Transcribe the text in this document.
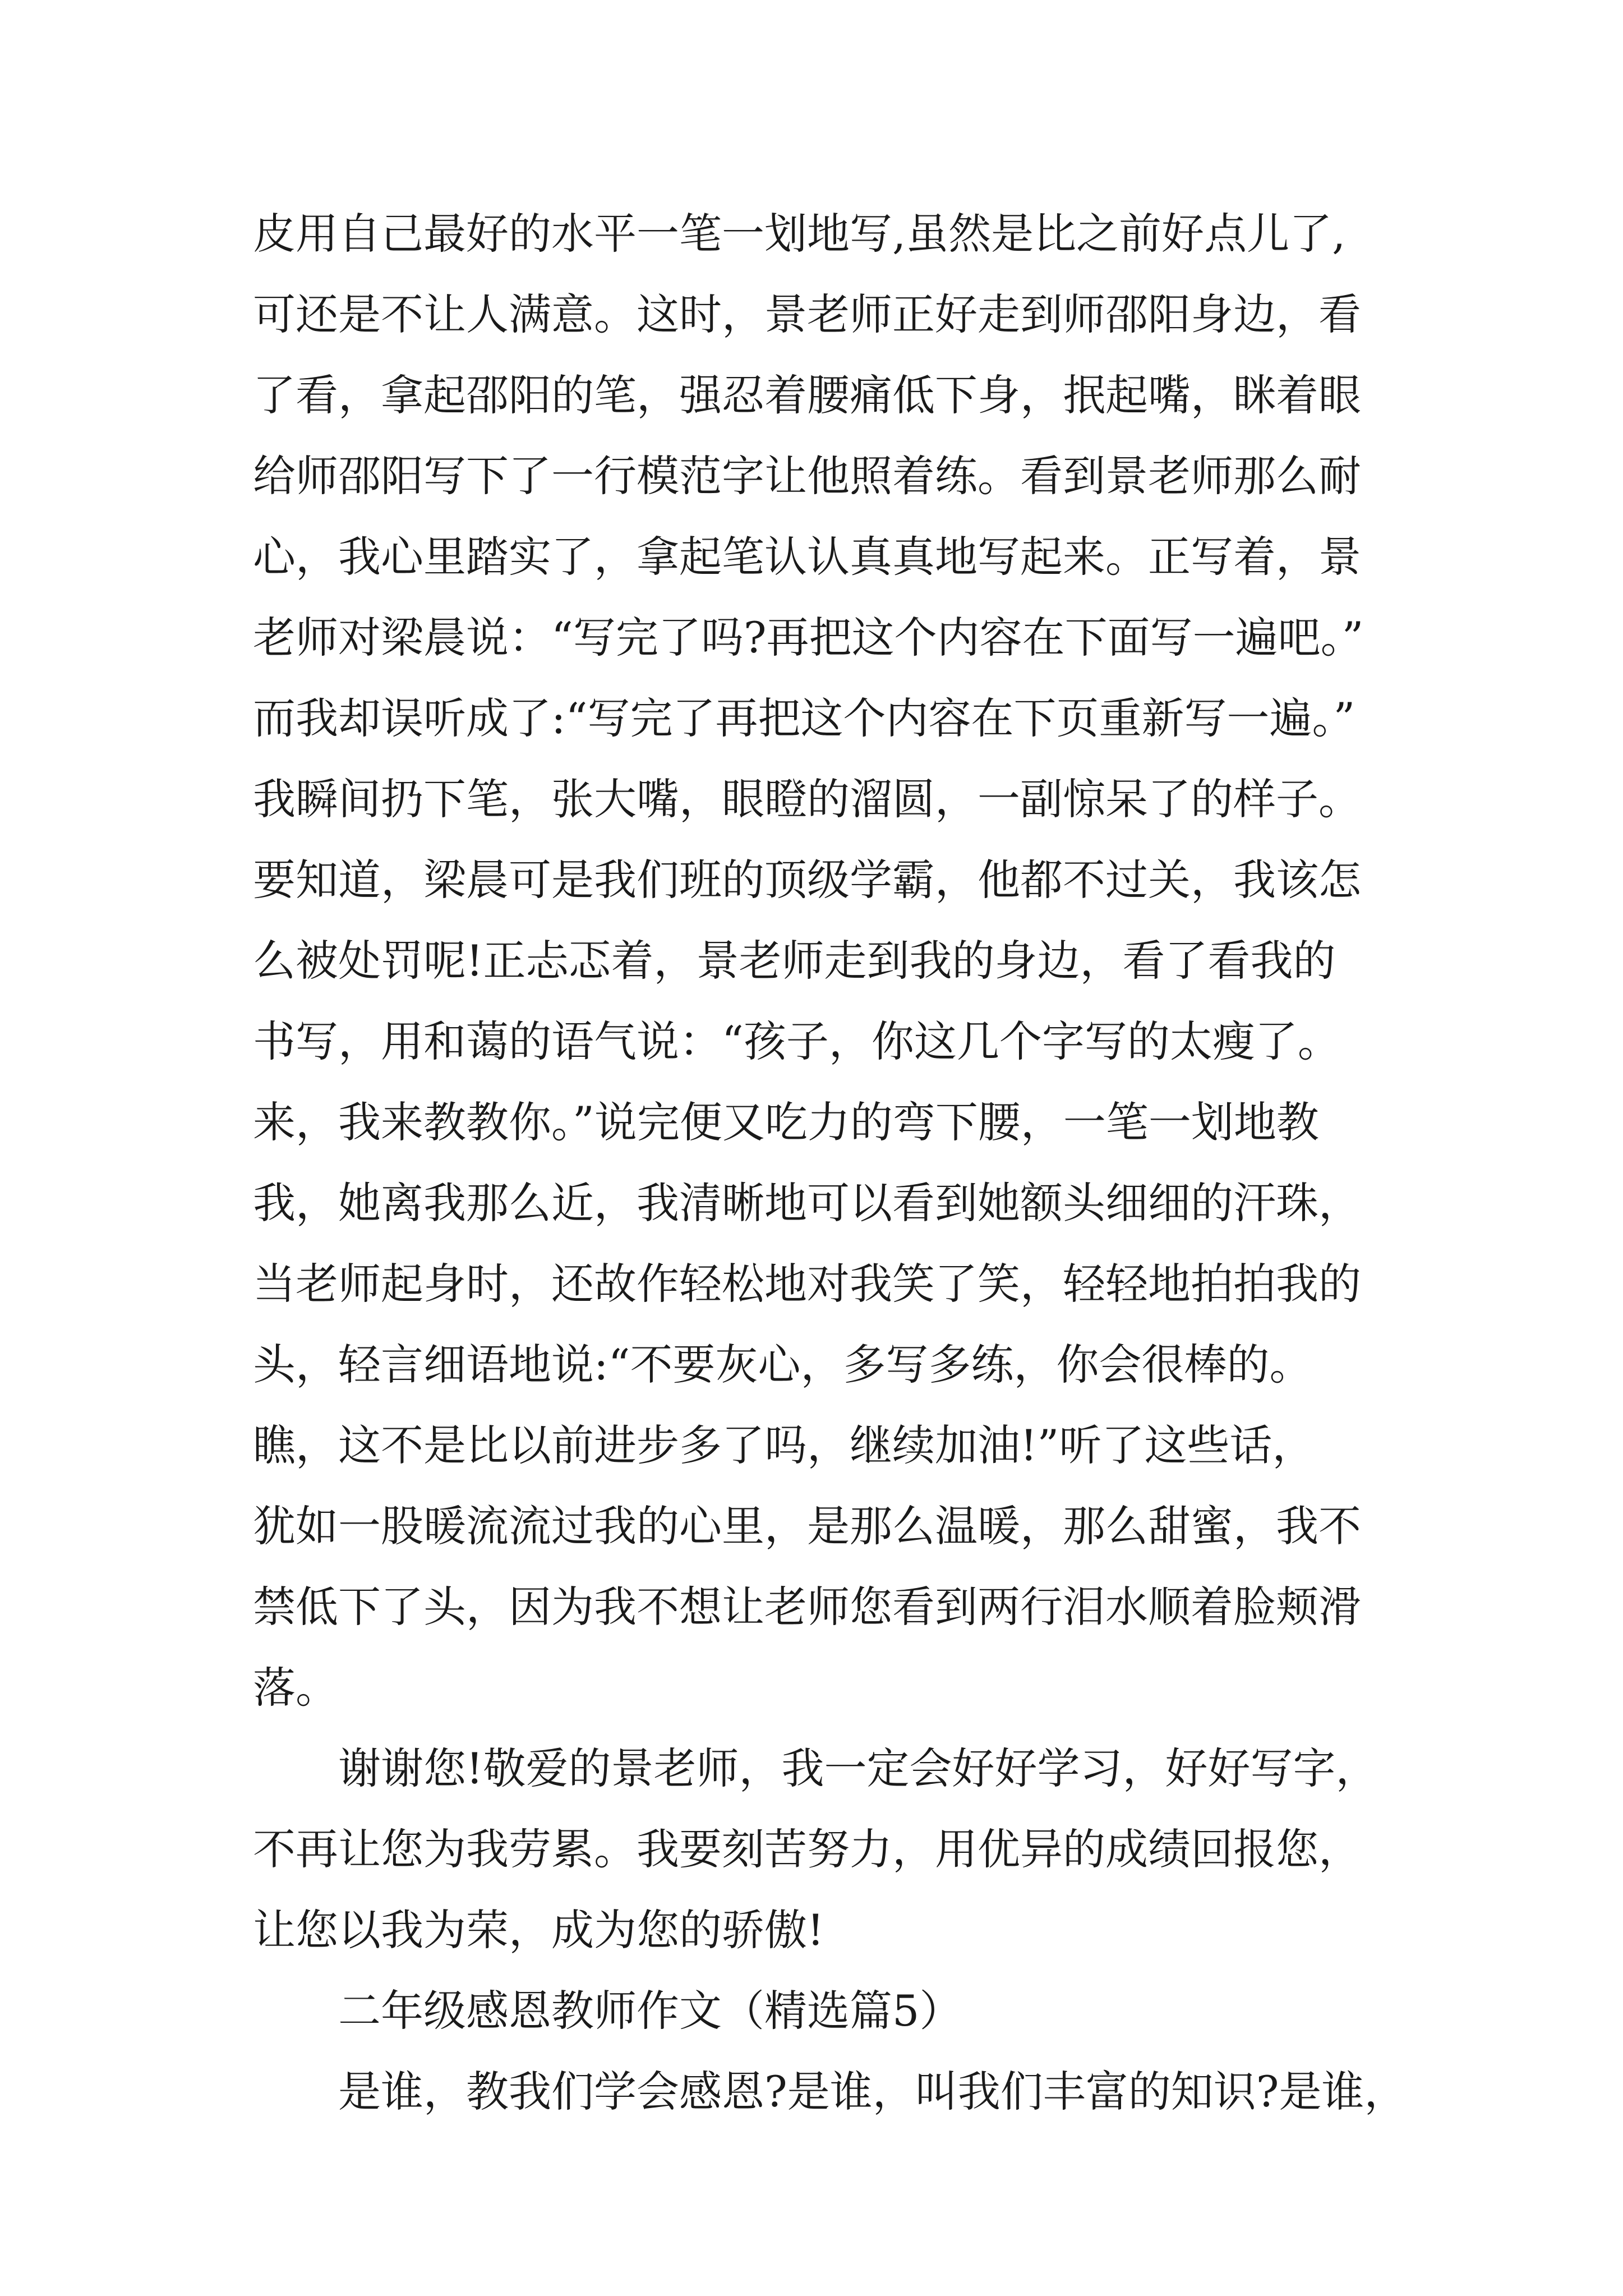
皮用自己最好的水平一笔一划地写,虽然是比之前好点儿了,
可还是不让人满意。这时，景老师正好走到师邵阳身边，看
了看，拿起邵阳的笔，强忍着腰痛低下身，抿起嘴，眯着眼
给师邵阳写下了一行模范字让他照着练。看到景老师那么耐
心，我心里踏实了，拿起笔认认真真地写起来。正写着，景
老师对梁晨说：“写完了吗?再把这个内容在下面写一遍吧。”
而我却误听成了:“写完了再把这个内容在下页重新写一遍。”
我瞬间扔下笔，张大嘴，眼瞪的溜圆，一副惊呆了的样子。
要知道，梁晨可是我们班的顶级学霸，他都不过关，我该怎
么被处罚呢!正忐忑着，景老师走到我的身边，看了看我的
书写，用和蔼的语气说：“孩子，你这几个字写的太瘦了。
来，我来教教你。”说完便又吃力的弯下腰，一笔一划地教
我，她离我那么近，我清晰地可以看到她额头细细的汗珠，
当老师起身时，还故作轻松地对我笑了笑，轻轻地拍拍我的
头，轻言细语地说:“不要灰心，多写多练，你会很棒的。
瞧，这不是比以前进步多了吗，继续加油!”听了这些话，
犹如一股暖流流过我的心里，是那么温暖，那么甜蜜，我不
禁低下了头，因为我不想让老师您看到两行泪水顺着脸颊滑
落。
谢谢您!敬爱的景老师，我一定会好好学习，好好写字，
不再让您为我劳累。我要刻苦努力，用优异的成绩回报您，
让您以我为荣，成为您的骄傲!
二年级感恩教师作文（精选篇5）
是谁，教我们学会感恩?是谁，叫我们丰富的知识?是谁，
